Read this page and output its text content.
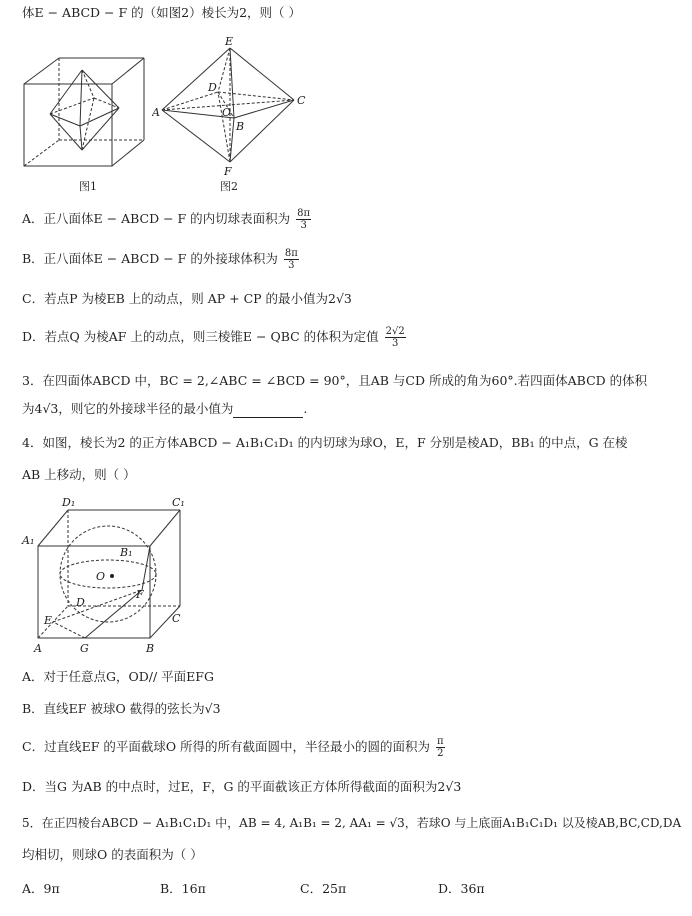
体E − ABCD − F 的（如图2）棱长为2，则（ ）
图1
E
D
O
C
A
B
F
图2
A．正八面体E − ABCD − F 的内切球表面积为 $\frac{8\pi}{3}$
B．正八面体E − ABCD − F 的外接球体积为 $\frac{8\pi}{3}$
C．若点P 为棱EB 上的动点，则 AP + CP 的最小值为2√3
D．若点Q 为棱AF 上的动点，则三棱锥E − QBC 的体积为定值 $\frac{2√2}{3}$
3．在四面体ABCD 中，BC = 2,∠ABC = ∠BCD = 90°，且AB 与CD 所成的角为60°.若四面体ABCD 的体积
为4√3，则它的外接球半径的最小值为	.
4．如图，棱长为2 的正方体ABCD − A₁B₁C₁D₁ 的内切球为球O，E，F 分别是棱AD，BB₁ 的中点，G 在棱
AB 上移动，则（ ）
D₁	C₁
A₁
B₁
O
D
F
E	C
A	G	B
A．对于任意点G，OD// 平面EFG
B．直线EF 被球O 截得的弦长为√3
C．过直线EF 的平面截球O 所得的所有截面圆中，半径最小的圆的面积为 $\frac{\pi}{2}$
D．当G 为AB 的中点时，过E，F，G 的平面截该正方体所得截面的面积为2√3
5．在正四棱台ABCD − A₁B₁C₁D₁ 中，AB = 4, A₁B₁ = 2, AA₁ = √3，若球O 与上底面A₁B₁C₁D₁ 以及棱AB,BC,CD,DA
均相切，则球O 的表面积为（ ）
A．9π	B．16π	C．25π	D．36π
